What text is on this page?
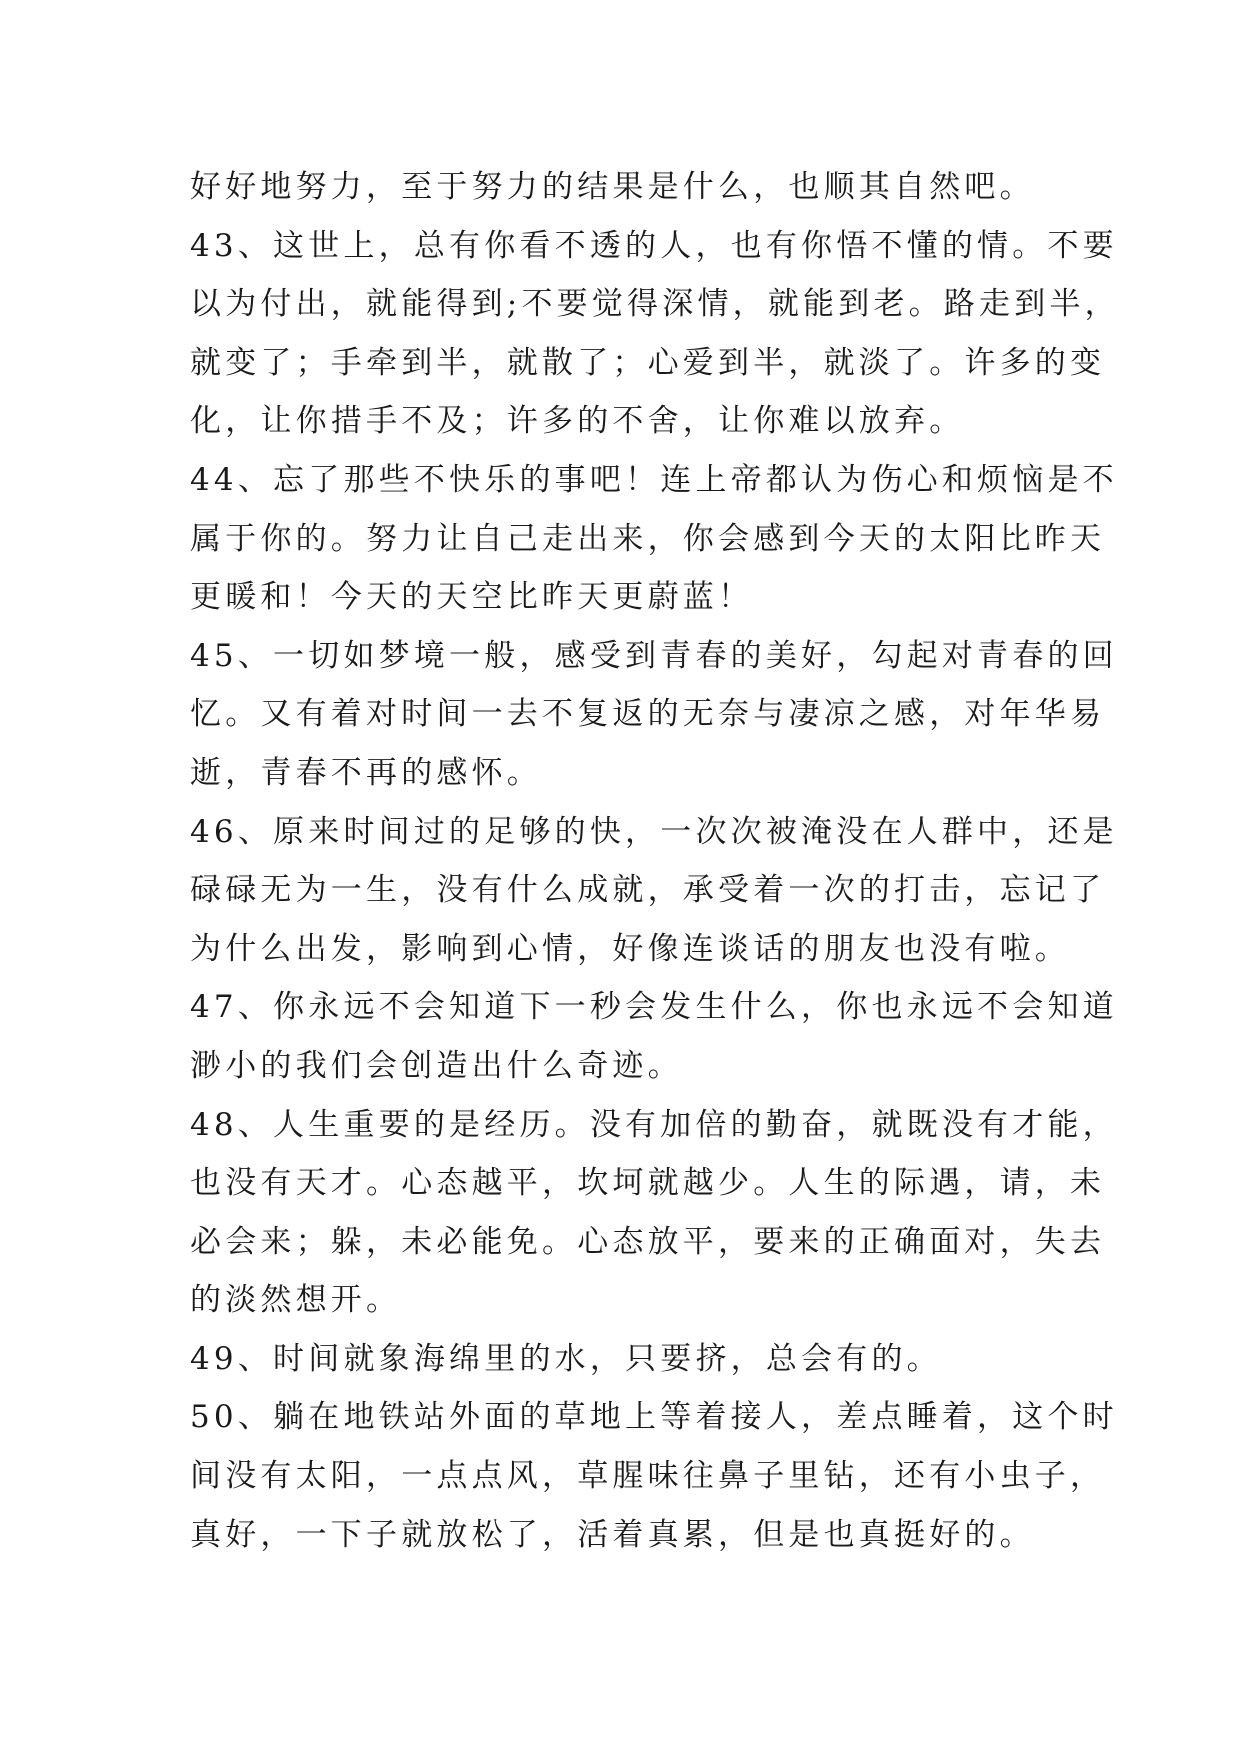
好好地努力，至于努力的结果是什么，也顺其自然吧。
43、这世上，总有你看不透的人，也有你悟不懂的情。不要
以为付出，就能得到;不要觉得深情，就能到老。路走到半，
就变了；手牵到半，就散了；心爱到半，就淡了。许多的变
化，让你措手不及；许多的不舍，让你难以放弃。
44、忘了那些不快乐的事吧！连上帝都认为伤心和烦恼是不
属于你的。努力让自己走出来，你会感到今天的太阳比昨天
更暖和！今天的天空比昨天更蔚蓝！
45、一切如梦境一般，感受到青春的美好，勾起对青春的回
忆。又有着对时间一去不复返的无奈与凄凉之感，对年华易
逝，青春不再的感怀。
46、原来时间过的足够的快，一次次被淹没在人群中，还是
碌碌无为一生，没有什么成就，承受着一次的打击，忘记了
为什么出发，影响到心情，好像连谈话的朋友也没有啦。
47、你永远不会知道下一秒会发生什么，你也永远不会知道
渺小的我们会创造出什么奇迹。
48、人生重要的是经历。没有加倍的勤奋，就既没有才能，
也没有天才。心态越平，坎坷就越少。人生的际遇，请，未
必会来；躲，未必能免。心态放平，要来的正确面对，失去
的淡然想开。
49、时间就象海绵里的水，只要挤，总会有的。
50、躺在地铁站外面的草地上等着接人，差点睡着，这个时
间没有太阳，一点点风，草腥味往鼻子里钻，还有小虫子，
真好，一下子就放松了，活着真累，但是也真挺好的。
